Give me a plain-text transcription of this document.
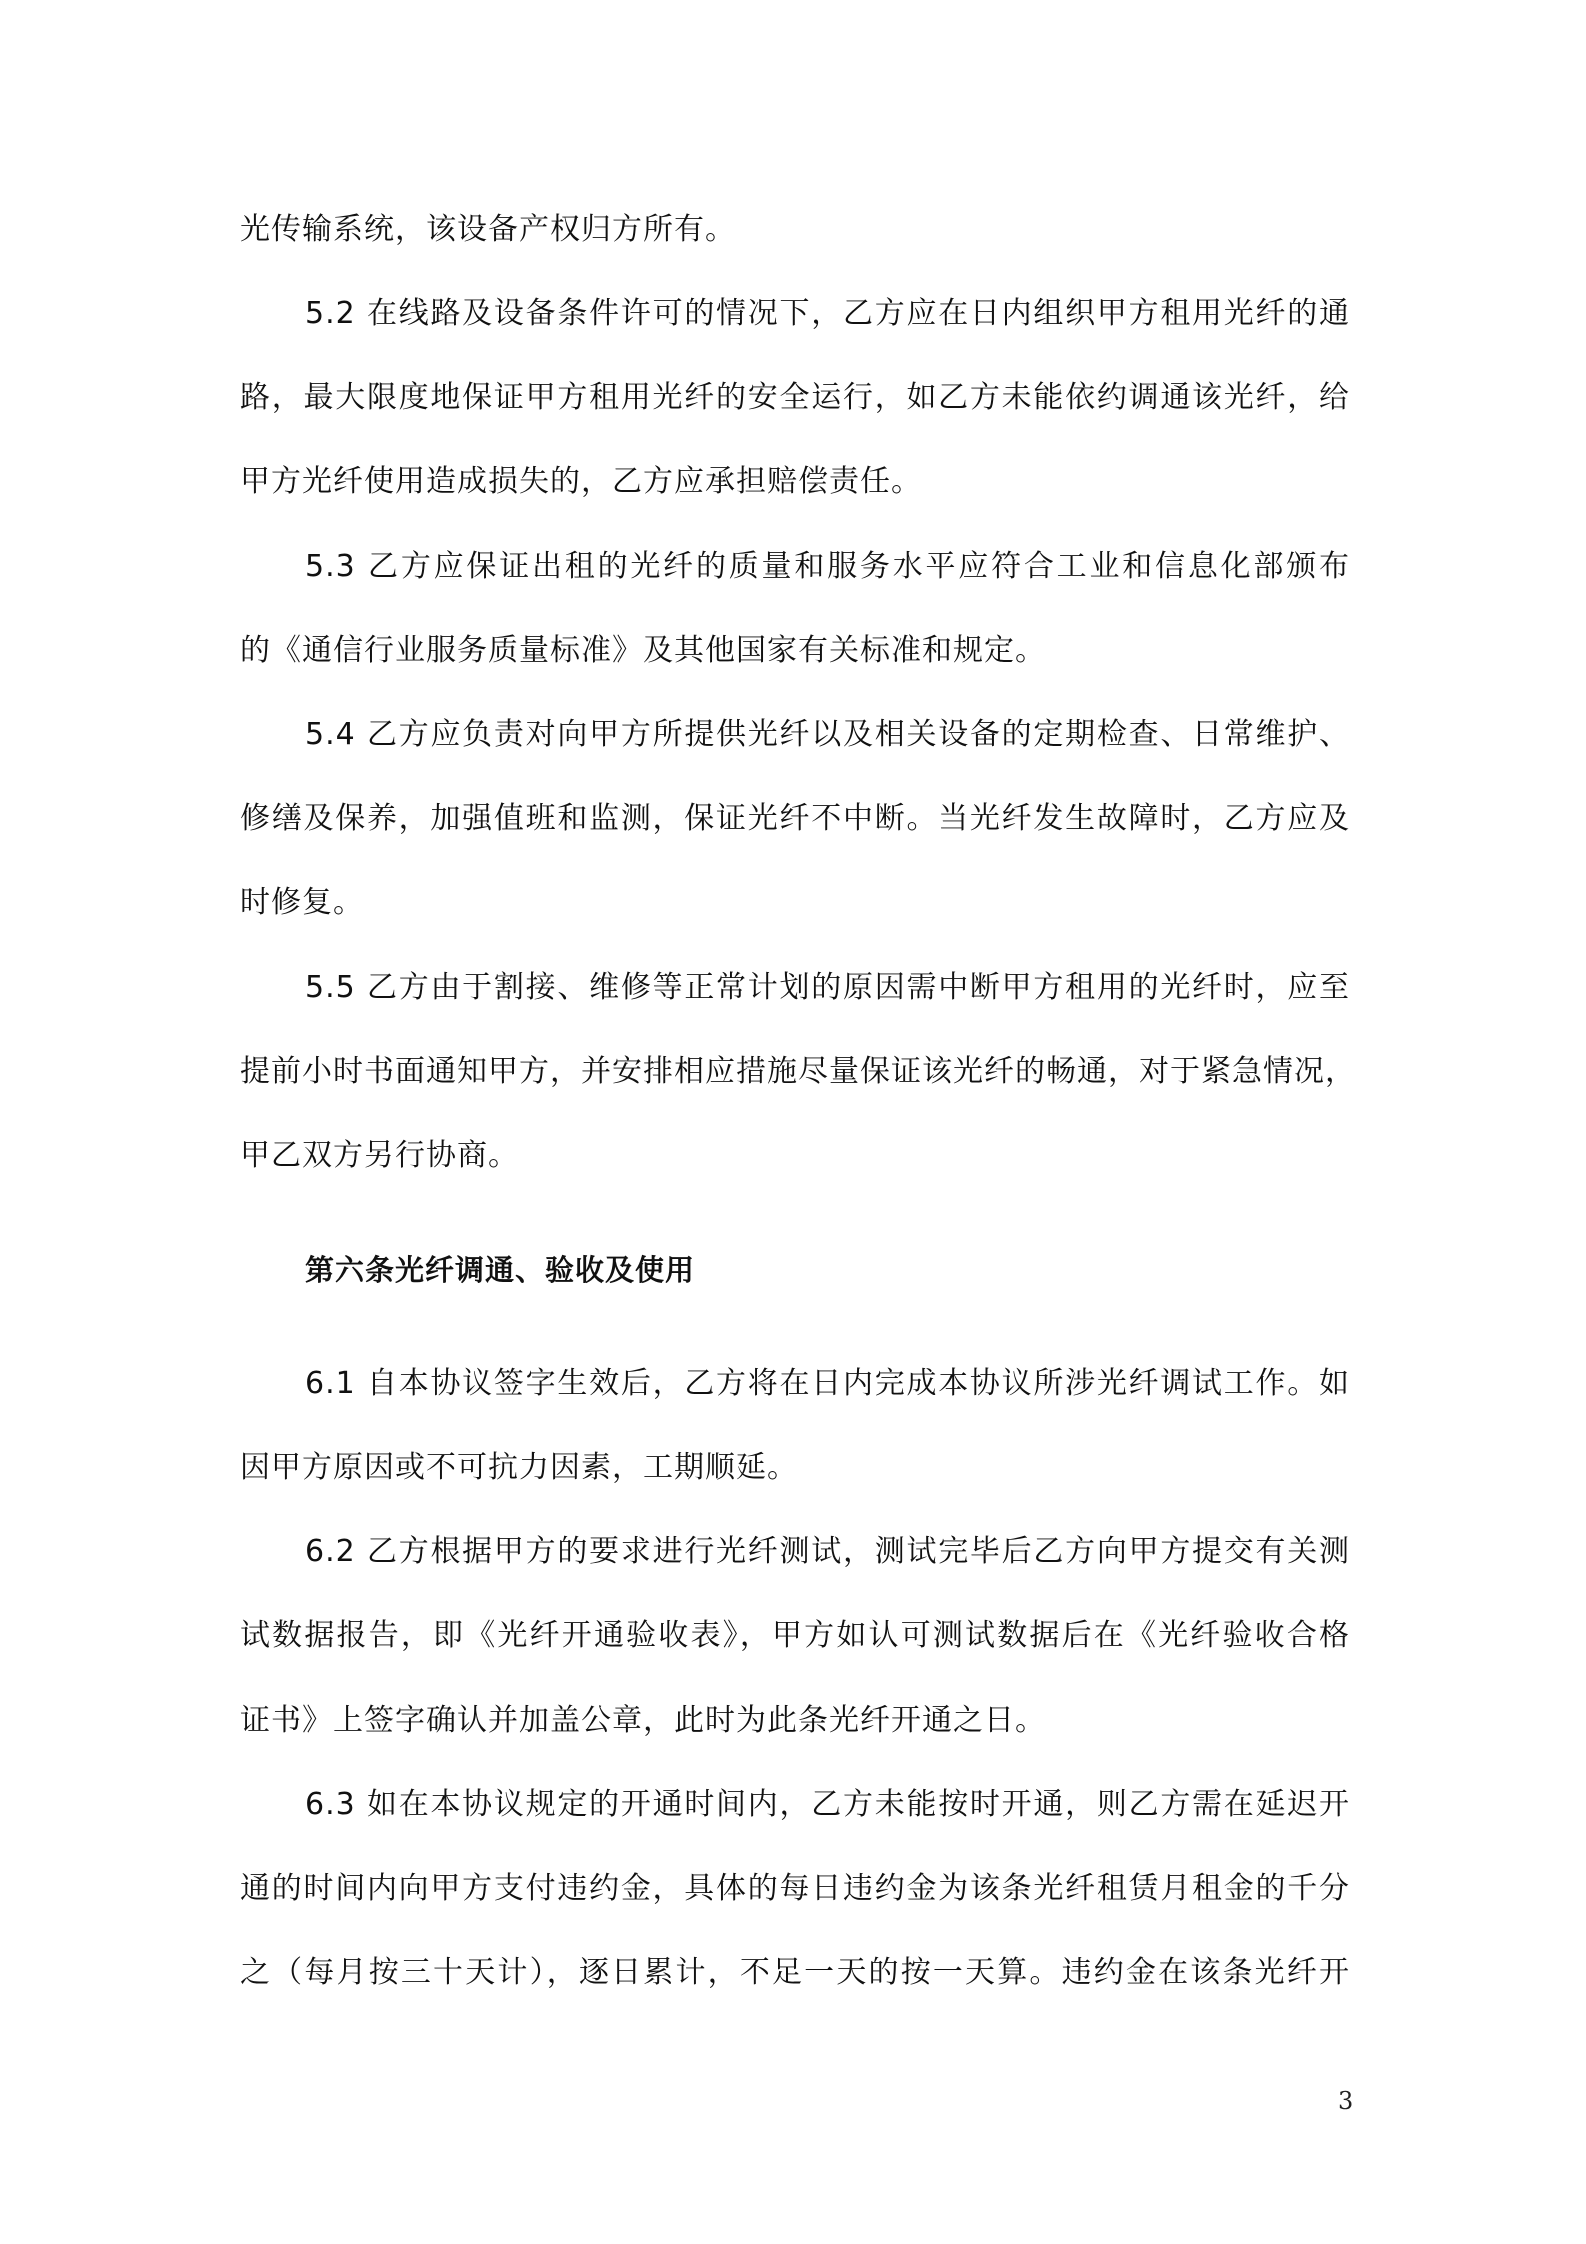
光传输系统，该设备产权归方所有。
5.2 在线路及设备条件许可的情况下，乙方应在日内组织甲方租用光纤的通
路，最大限度地保证甲方租用光纤的安全运行，如乙方未能依约调通该光纤，给
甲方光纤使用造成损失的，乙方应承担赔偿责任。
5.3 乙方应保证出租的光纤的质量和服务水平应符合工业和信息化部颁布
的《通信行业服务质量标准》及其他国家有关标准和规定。
5.4 乙方应负责对向甲方所提供光纤以及相关设备的定期检查、日常维护、
修缮及保养，加强值班和监测，保证光纤不中断。当光纤发生故障时，乙方应及
时修复。
5.5 乙方由于割接、维修等正常计划的原因需中断甲方租用的光纤时，应至
提前小时书面通知甲方，并安排相应措施尽量保证该光纤的畅通，对于紧急情况，
甲乙双方另行协商。
第六条光纤调通、验收及使用
6.1 自本协议签字生效后，乙方将在日内完成本协议所涉光纤调试工作。如
因甲方原因或不可抗力因素，工期顺延。
6.2 乙方根据甲方的要求进行光纤测试，测试完毕后乙方向甲方提交有关测
试数据报告，即《光纤开通验收表》，甲方如认可测试数据后在《光纤验收合格
证书》上签字确认并加盖公章，此时为此条光纤开通之日。
6.3 如在本协议规定的开通时间内，乙方未能按时开通，则乙方需在延迟开
通的时间内向甲方支付违约金，具体的每日违约金为该条光纤租赁月租金的千分
之（每月按三十天计），逐日累计，不足一天的按一天算。违约金在该条光纤开
3
